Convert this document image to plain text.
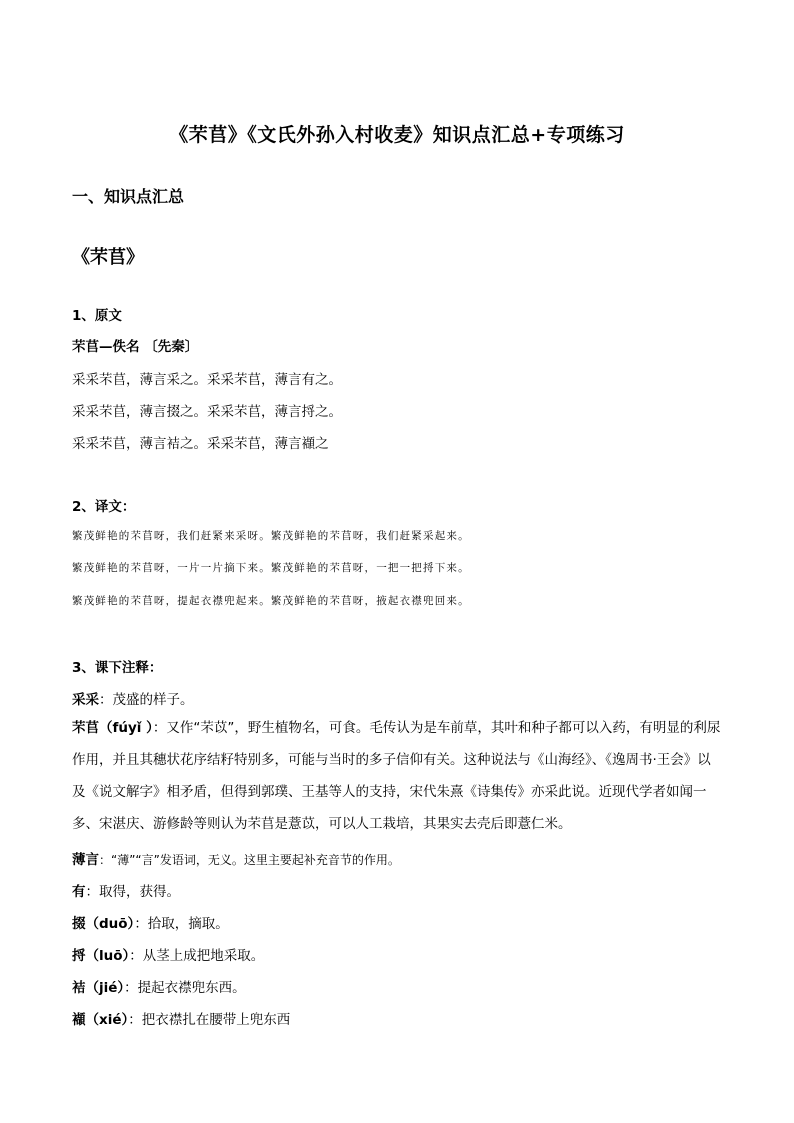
《芣苢》《文氏外孙入村收麦》知识点汇总+专项练习
一、知识点汇总
《芣苢》
1、原文
芣苢—佚名 〔先秦〕
采采芣苢，薄言采之。采采芣苢，薄言有之。
采采芣苢，薄言掇之。采采芣苢，薄言捋之。
采采芣苢，薄言袺之。采采芣苢，薄言襭之
2、译文：
繁茂鲜艳的芣苢呀，我们赶紧来采呀。繁茂鲜艳的芣苢呀，我们赶紧采起来。
繁茂鲜艳的芣苢呀，一片一片摘下来。繁茂鲜艳的芣苢呀，一把一把捋下来。
繁茂鲜艳的芣苢呀，提起衣襟兜起来。繁茂鲜艳的芣苢呀，掖起衣襟兜回来。
3、课下注释：
采采：茂盛的样子。
芣苢（fúyǐ ）：又作“芣苡”，野生植物名，可食。毛传认为是车前草，其叶和种子都可以入药，有明显的利尿作用，并且其穗状花序结籽特别多，可能与当时的多子信仰有关。这种说法与《山海经》、《逸周书·王会》以及《说文解字》相矛盾，但得到郭璞、王基等人的支持，宋代朱熹《诗集传》亦采此说。近现代学者如闻一多、宋湛庆、游修龄等则认为芣苢是薏苡，可以人工栽培，其果实去壳后即薏仁米。
薄言：“薄”“言”发语词，无义。这里主要起补充音节的作用。
有：取得，获得。
掇（duō）：拾取，摘取。
捋（luō）：从茎上成把地采取。
袺（jié）：提起衣襟兜东西。
襭（xié）：把衣襟扎在腰带上兜东西
